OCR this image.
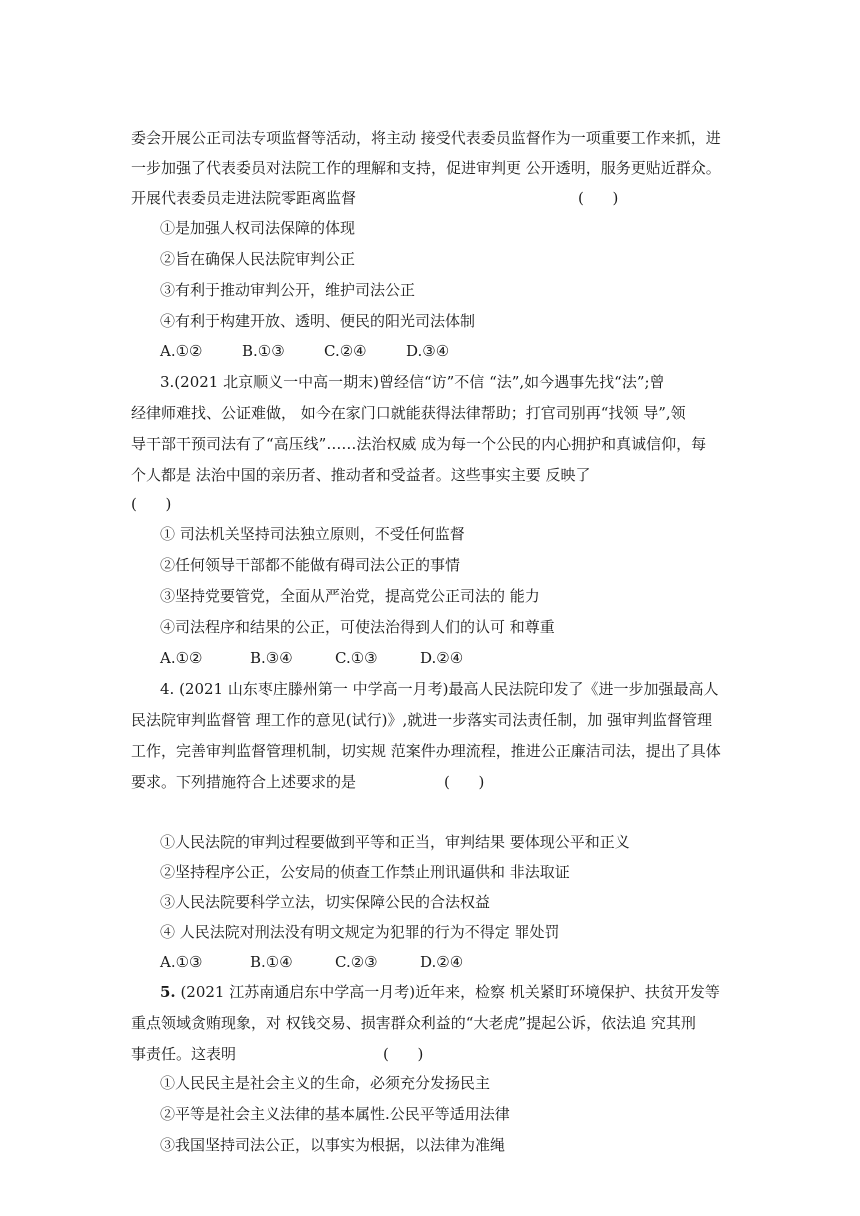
委会开展公正司法专项监督等活动，将主动 接受代表委员监督作为一项重要工作来抓，进
一步加强了代表委员对法院工作的理解和支持，促进审判更 公开透明，服务更贴近群众。
开展代表委员走进法院零距离监督	(      )
①是加强人权司法保障的体现
②旨在确保人民法院审判公正
③有利于推动审判公开，维护司法公正
④有利于构建开放、透明、便民的阳光司法体制
A.①②	B.①③	C.②④	D.③④
3.(2021 北京顺义一中高一期末)曾经信“访”不信 “法”,如今遇事先找“法”;曾
经律师难找、公证难做， 如今在家门口就能获得法律帮助；打官司别再“找领 导”,领
导干部干预司法有了“高压线”……法治权威 成为每一个公民的内心拥护和真诚信仰，每
个人都是 法治中国的亲历者、推动者和受益者。这些事实主要 反映了
(      )
① 司法机关坚持司法独立原则，不受任何监督
②任何领导干部都不能做有碍司法公正的事情
③坚持党要管党，全面从严治党，提高党公正司法的 能力
④司法程序和结果的公正，可使法治得到人们的认可 和尊重
A.①②	B.③④	C.①③	D.②④
4. (2021 山东枣庄滕州第一 中学高一月考)最高人民法院印发了《进一步加强最高人
民法院审判监督管 理工作的意见(试行)》,就进一步落实司法责任制，加 强审判监督管理
工作，完善审判监督管理机制，切实规 范案件办理流程，推进公正廉洁司法，提出了具体
要求。下列措施符合上述要求的是	(      )
①人民法院的审判过程要做到平等和正当，审判结果 要体现公平和正义
②坚持程序公正，公安局的侦查工作禁止刑讯逼供和 非法取证
③人民法院要科学立法，切实保障公民的合法权益
④ 人民法院对刑法没有明文规定为犯罪的行为不得定 罪处罚
A.①③	B.①④	C.②③	D.②④
5. (2021 江苏南通启东中学高一月考)近年来，检察 机关紧盯环境保护、扶贫开发等
重点领域贪贿现象，对 权钱交易、损害群众利益的“大老虎”提起公诉，依法追 究其刑
事责任。这表明	(      )
①人民民主是社会主义的生命，必须充分发扬民主
②平等是社会主义法律的基本属性.公民平等适用法律
③我国坚持司法公正，以事实为根据，以法律为准绳
